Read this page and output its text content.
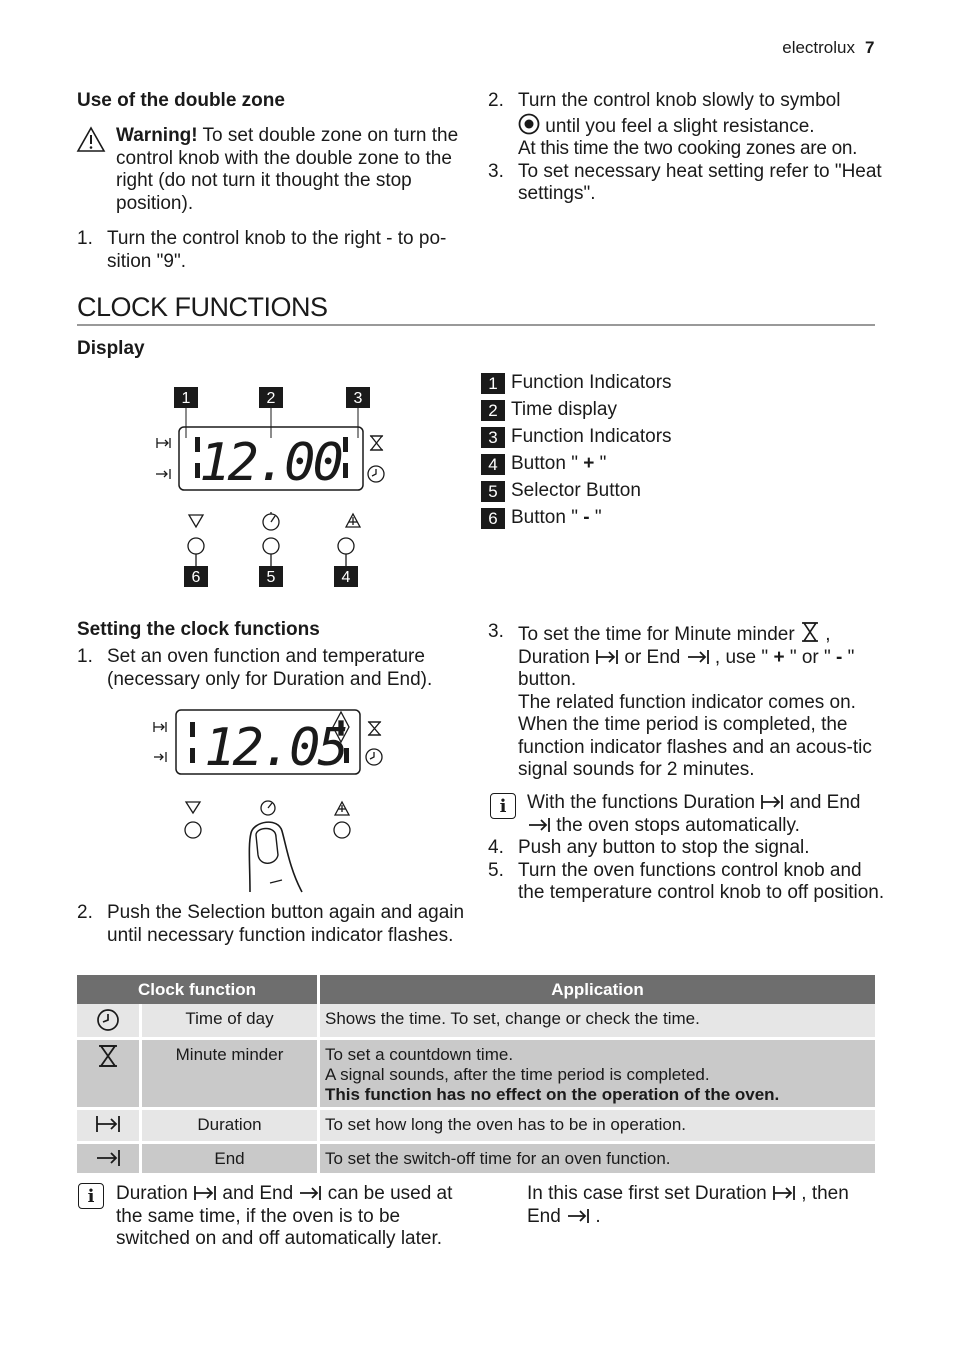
electrolux 7
Use of the double zone
Warning! To set double zone on turn the control knob with the double zone to the right (do not turn it thought the stop position).
1. Turn the control knob to the right - to po-sition "9".
2. Turn the control knob slowly to symbol
until you feel a slight resistance.
At this time the two cooking zones are on.
3. To set necessary heat setting refer to "Heat settings".
CLOCK FUNCTIONS
Display
1	2	3
6	5	4
12.00
1 Function Indicators
2 Time display
3 Function Indicators
4 Button " + "
5 Selector Button
6 Button " - "
Setting the clock functions
1. Set an oven function and temperature (necessary only for Duration and End).
12.05
2. Push the Selection button again and again until necessary function indicator flashes.
3. To set the time for Minute minder  ,
Duration  or End  , use " + " or " - " button.
The related function indicator comes on. When the time period is completed, the function indicator flashes and an acous-tic signal sounds for 2 minutes.
i	With the functions Duration  and End
the oven stops automatically.
4. Push any button to stop the signal.
5. Turn the oven functions control knob and the temperature control knob to off position.
Clock function		Application
	Time of day	Shows the time. To set, change or check the time.
	Minute minder	To set a countdown time.
A signal sounds, after the time period is completed.
This function has no effect on the operation of the oven.
	Duration	To set how long the oven has to be in operation.
	End	To set the switch-off time for an oven function.
i	Duration  and End  can be used at the same time, if the oven is to be switched on and off automatically later.
In this case first set Duration  , then
End  .
